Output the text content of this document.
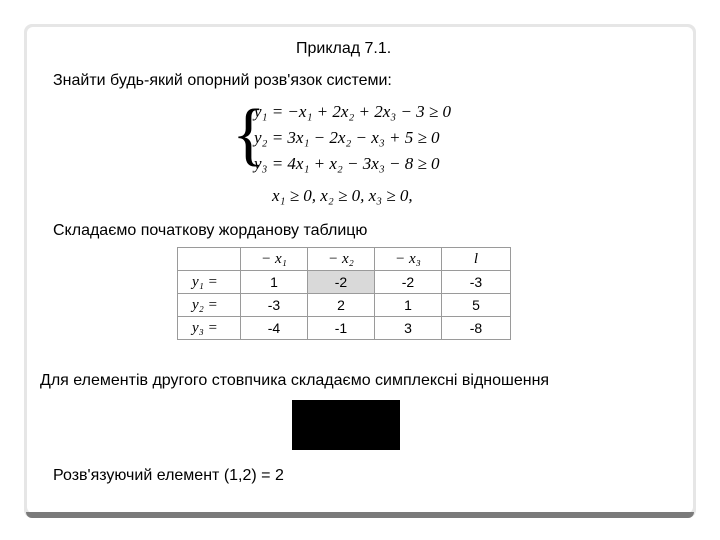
Приклад 7.1.
Знайти будь-який опорний розв'язок системи:
{
y₁ = −x₁ + 2x₂ + 2x₃ − 3 ≥ 0
y₂ = 3x₁ − 2x₂ − x₃ + 5 ≥ 0
y₃ = 4x₁ + x₂ − 3x₃ − 8 ≥ 0
x₁ ≥ 0, x₂ ≥ 0, x₃ ≥ 0,
Складаємо початкову жорданову таблицю
	− x₁	− x₂	− x₃	l
y₁ =	1	-2	-2	-3
y₂ =	-3	2	1	5
y₃ =	-4	-1	3	-8
Для елементів другого стовпчика складаємо симплексні відношення
Розв'язуючий елемент (1,2) = 2
